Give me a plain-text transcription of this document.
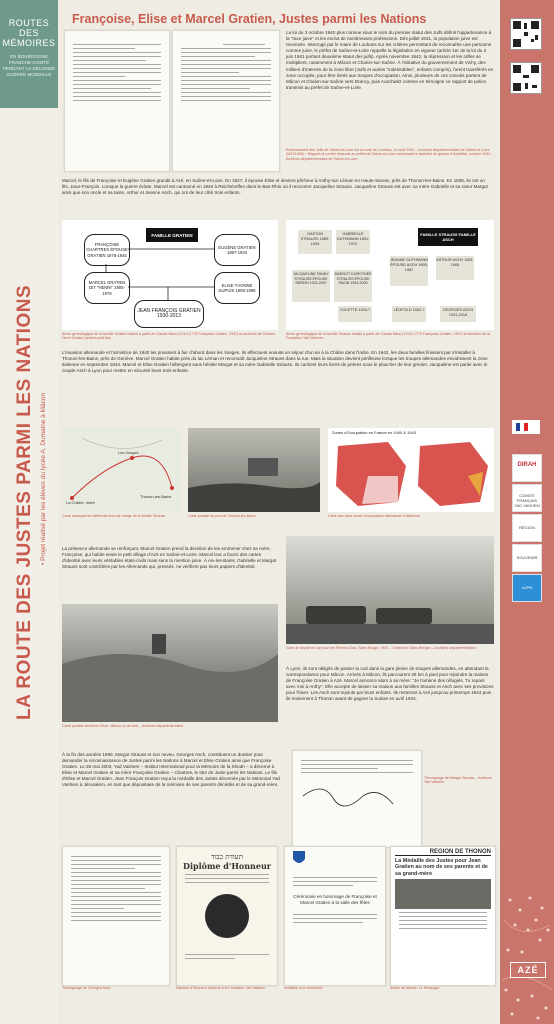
ROUTES
DES
MÉMOIRES
EN BOURGOGNE FRANCHE-COMTÉ PENDANT LA SECONDE GUERRE MONDIALE
LA ROUTE DES JUSTES PARMI LES NATIONS • Projet réalisé par les élèves du lycée A. Dumaine à Mâcon	DIRAH
COMITÉ FRANÇAIS YAD VASHEM
RÉGION
SOUVENIR
AJPN
AZÉ
Françoise, Elise et Marcel Gratien, Justes parmi les Nations
La loi du 3 octobre 1940 plus connue sous le nom du premier statut des Juifs définit l'appartenance à la "race juive" et les exclut de nombreuses professions. Dès juillet 1941, la population juive est recensée. Interrogé par le maire de Louhans sur les critères permettant de reconnaître une personne comme juive, le préfet de Saône-et-Loire rappelle la législation en vigueur (article 1er de la loi du 2 juin 1941 portant deuxième statut des juifs). Après novembre 1942, la répression et les rafles se multiplient, notamment à Mâcon et Chalon-sur-Saône. À l'initiative du gouvernement de Vichy, des milliers d'internés de la zone libre (Juifs et autres "indésirables", enfants compris), furent transférés en zone occupée, pour être livrés aux troupes d'occupation. Ainsi, plusieurs de ces convois partent de Mâcon et Chalon-sur-Saône vers Drancy, puis Auschwitz comme en témoigne ce rapport de police transmis au préfet de Saône-et-Loire.
Recensement des Juifs de Saône-et-Loire sur la zone de Louhans, 14 août 1941 – Archives départementales de Saône-et-Loire (W121458) – Rapport du préfet transmis au préfet de Saône-et-Loire concernant le transfert de groupe d'Israélites, octobre 1942 – Archives départementales de Saône-et-Loire.
Marcel, le fils de Françoise et Eugène Gratien grandit à Azé, en Saône-et-Loire. En 1927, il épouse Elise et devient pêcheur à Anthy-sur-Léman en Haute-Savoie, près de Thonon-les-Bains. En 1938, ils ont un fils, Jean-François. Lorsque la guerre éclate, Marcel est cantonné en 1940 à Reichshoffen dans le Bas-Rhin où il rencontre Jacqueline Strauss. Jacqueline Strauss est avec sa mère Gabrielle et sa sœur Margot ainsi que son oncle et sa tante, Arthur et Jeanne Asch, qui ont de leur côté trois enfants.
FAMILLE GRATIEN
FRANÇOISE CHARTRES ÉPOUSE GRATIEN 1878-1945
EUGÈNE GRATIEN 1867-1934
MARCEL GRATIEN DIT "HENRI" 1905-1976
ELISE YVONNE DUPUIS 1908-1998
JEAN FRANÇOIS GRATIEN 1930-2013
Arbre généalogique de la famille Gratien réalisé à partir de Claude Mizzi (YV10-C775 Françoise Gratien, 1997) et archives de Charles Henri Gratien (arrière-petit-fils)
FAMILLE STRAUSS FAMILLE ASCH
GASTON STRAUSS 1889-1934
GABRIELLE GUTHMANN 1891-1972
JEANNE GUTHMANN ÉPOUSE ASCH 1895-1987
ARTHUR ASCH 1891-1965
JACQUELINE FANNY STRAUSS ÉPOUSE SEREIN 1922-2007
MARGOT DOROTHÉE STRAUSS ÉPOUSE PAGIN 1924-2005
COLETTE 1924-?	LÉOPOLD 1962-?	GEORGES ASCH 1931-2018
Arbre généalogique de la famille Strauss réalisé à partir de Claude Mizzi (YV10-C775 Françoise Gratien, 1997) et archives de la Fondation Yad Vashem
L'invasion allemande et l'armistice de 1940 les poussent à fuir d'abord dans les Vosges. Ils effectuent ensuite un séjour d'un an à la Châtre dans l'Indre. En 1942, les deux familles finissent par s'installer à Thonon-les-Bains, près de Genève. Marcel Gratien habite près du lac Léman et reconnaît Jacqueline Strauss dans la rue. Mais la situation devient périlleuse lorsque les troupes allemandes envahissent la zone italienne en septembre 1943. Marcel et Elise Gratien hébergent sans hésiter Margot et sa mère Gabrielle Strauss. Ils cachent leurs livres de prières sous le plancher de leur grenier. Jacqueline est partie avec le couple Asch à Lyon pour mettre en sécurité leurs trois enfants.
Les Vosges
La Châtre, Indre
Thonon-les-Bains
Carte retraçant les différents lieux de refuge de la famille Strauss	Carte postale du port de Thonon-les-Bains
Zones d'Occupation en France en 1940 & 1943
Carte des deux zones d'occupation allemande et italienne
La présence allemande se renforçant, Marcel Gratien prend la décision de les emmener chez sa mère, Françoise, qui habite seule le petit village d'Azé en Saône-et-Loire. Marcel leur a fourni des cartes d'identité avec leurs véritables états-civils mais sans la mention juive. À Aix-les-Bains, Gabrielle et Margot Strauss sont contrôlées par les Allemands qui, pressés, ne vérifient pas leurs papiers d'identité.
Gare de départ en car pour les Ferreira Tour, Saint-Rouge, 1940 – Collection Gilles Bergan – Archives départementales
Carte postale aérienne d'Azé, Mâcon vu de Azé – Archives départementales
À Lyon, ils sont obligés de passer la nuit dans la gare pleine de troupes allemandes, en attendant la correspondance pour Mâcon. Arrivés à Mâcon, ils parcourent 28 km à pied pour rejoindre la maison de Françoise Gratien à Azé. Marcel annonce alors à sa mère: "Je t'amène des réfugiés. Tu repars avec moi à Anthy". Elle accepte de laisser sa maison aux familles Strauss et Asch avec ses provisions pour l'hiver. Les Asch sont rejoints par leurs enfants. Ils resteront à Azé jusqu'au printemps 1944 puis ils reviennent à Thonon avant de gagner la Suisse en avril 1944.
À la fin des années 1990, Margot Strauss et son neveu, Georges Asch, constituent un dossier pour demander la reconnaissance de Justes parmi les Nations à Marcel et Elise Gratien ainsi que Françoise Gratien. Le 28 mai 2003, Yad Vashem – Institut International pour la Mémoire de la Shoah – a décerné à Elise et Marcel Gratien et sa mère Françoise Gratien – Chartres, le titre de Juste parmi les Nations. Le fils d'Elise et Marcel Gratien, Jean François Gratien reçut la médaille des Justes décernée par le Mémorial Yad Vashem à Jérusalem, en tant que dépositaire de la mémoire de ses parents décédés et de sa grand-mère.
Témoignage de Margot Strauss – Archives Yad Vashem
Témoignage de Georges Asch
תעודת כבוד
Diplôme d'Honneur
Diplôme d'Honneur décerné à la Fondation Yad Vashem
Cérémonie en hommage de Françoise et Marcel Gratien à la salle des fêtes
Invitation à la cérémonie
REGION DE THONON
La Médaille des Justes pour Jean Gratien au nom de ses parents et de sa grand-mère
Article de presse, Le Messager
